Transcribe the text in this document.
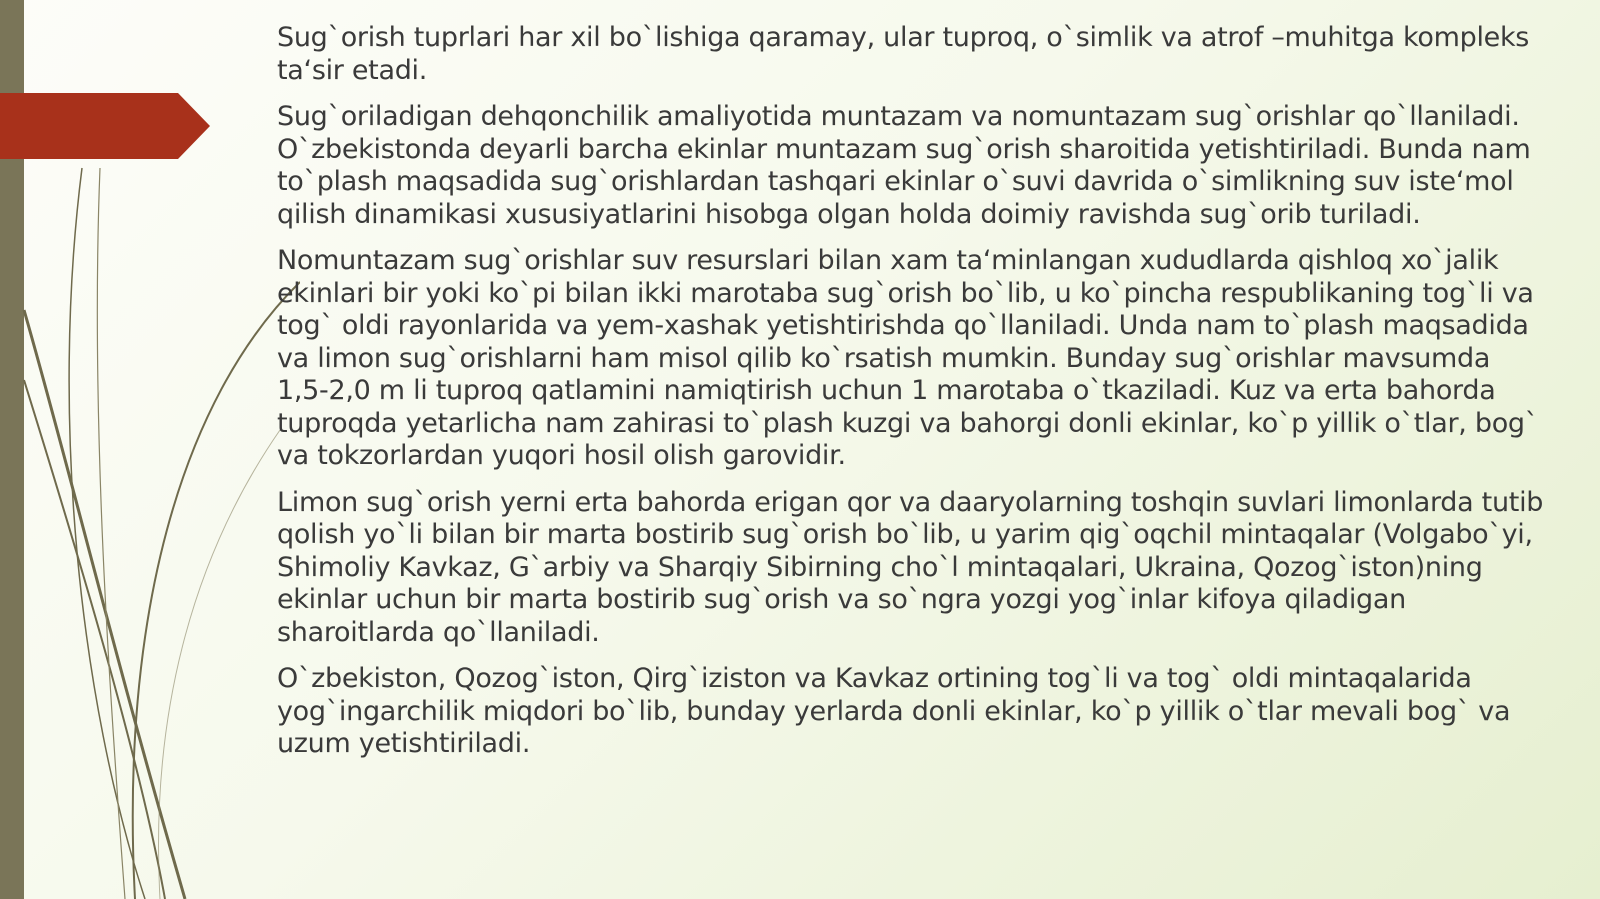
Sug`orish tuprlari har xil bo`lishiga qaramay, ular tuproq, o`simlik va atrof –muhitga kompleks ta‘sir etadi.

Sug`oriladigan dehqonchilik amaliyotida muntazam va nomuntazam sug`orishlar qo`llaniladi. O`zbekistonda deyarli barcha ekinlar muntazam sug`orish sharoitida yetishtiriladi. Bunda nam to`plash maqsadida sug`orishlardan tashqari ekinlar o`suvi davrida o`simlikning suv iste‘mol qilish dinamikasi xususiyatlarini hisobga olgan holda doimiy ravishda sug`orib turiladi.

Nomuntazam sug`orishlar suv resurslari bilan xam ta‘minlangan xududlarda qishloq xo`jalik ekinlari bir yoki ko`pi bilan ikki marotaba sug`orish bo`lib, u ko`pincha respublikaning tog`li va tog` oldi rayonlarida va yem-xashak yetishtirishda qo`llaniladi. Unda nam to`plash maqsadida va limon sug`orishlarni ham misol qilib ko`rsatish mumkin. Bunday sug`orishlar mavsumda 1,5-2,0 m li tuproq qatlamini namiqtirish uchun 1 marotaba o`tkaziladi. Kuz va erta bahorda tuproqda yetarlicha nam zahirasi to`plash kuzgi va bahorgi donli ekinlar, ko`p yillik o`tlar, bog` va tokzorlardan yuqori hosil olish garovidir.

Limon sug`orish yerni erta bahorda erigan qor va daaryolarning toshqin suvlari limonlarda tutib qolish yo`li bilan bir marta bostirib sug`orish bo`lib, u yarim qig`oqchil mintaqalar (Volgabo`yi, Shimoliy Kavkaz, G`arbiy va Sharqiy Sibirning cho`l mintaqalari, Ukraina, Qozog`iston)ning ekinlar uchun bir marta bostirib sug`orish va so`ngra yozgi yog`inlar kifoya qiladigan sharoitlarda qo`llaniladi.

O`zbekiston, Qozog`iston, Qirg`iziston va Kavkaz ortining tog`li va tog` oldi mintaqalarida yog`ingarchilik miqdori bo`lib, bunday yerlarda donli ekinlar, ko`p yillik o`tlar mevali bog` va uzum yetishtiriladi.
